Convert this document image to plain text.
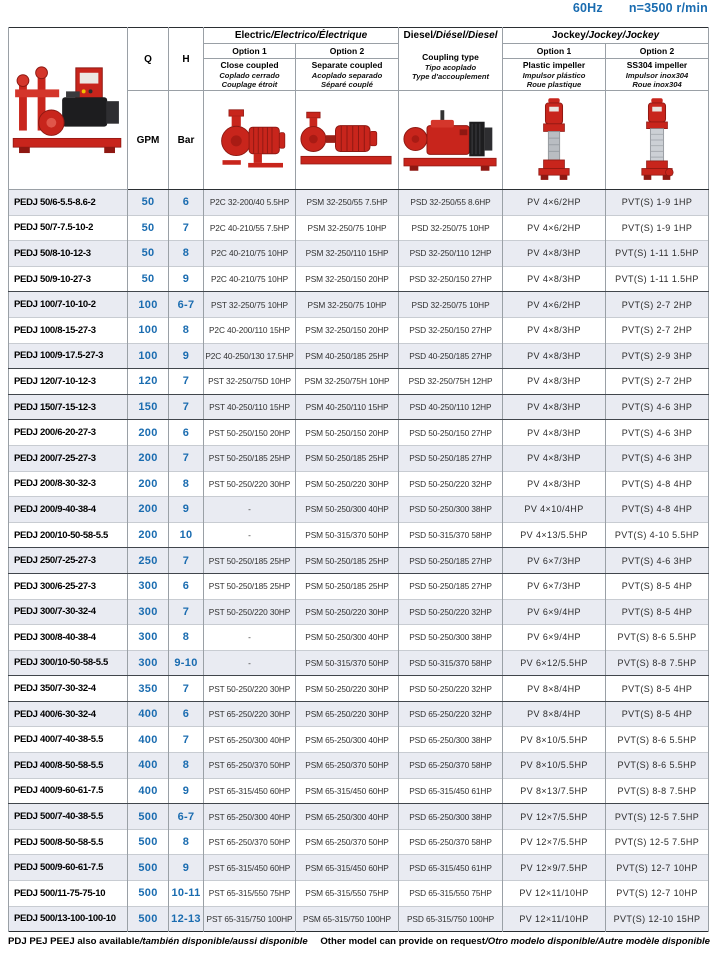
60Hz n=3500 r/min
	Q	H	Electric/Electrico/Électrique		Diesel/Diésel/Diesel	Jockey/Jockey/Jockey	
			Option 1	Option 2	Coupling type
Tipo acoplado
Type d'accouplement	Option 1	Option 2

			Close coupled
Coplado cerrado
Couplage étroit	Separate coupled
Acoplado separado
Séparé couplé		Plastic impeller
Impulsor plástico
Roue plastique	SS304 impeller
Impulsor inox304
Roue inox304

	GPM	Bar	

PEDJ 50/6-5.5-8.6-2	50	6	P2C 32-200/40 5.5HP	PSM 32-250/55 7.5HP	PSD 32-250/55 8.6HP	PV 4×6/2HP	PVT(S) 1-9 1HP
PEDJ 50/7-7.5-10-2	50	7	P2C 40-210/55 7.5HP	PSM 32-250/75 10HP	PSD 32-250/75 10HP	PV 4×6/2HP	PVT(S) 1-9 1HP
PEDJ 50/8-10-12-3	50	8	P2C 40-210/75 10HP	PSM 32-250/110 15HP	PSD 32-250/110 12HP	PV 4×8/3HP	PVT(S) 1-11 1.5HP
PEDJ 50/9-10-27-3	50	9	P2C 40-210/75 10HP	PSM 32-250/150 20HP	PSD 32-250/150 27HP	PV 4×8/3HP	PVT(S) 1-11 1.5HP
PEDJ 100/7-10-10-2	100	6-7	PST 32-250/75 10HP	PSM 32-250/75 10HP	PSD 32-250/75 10HP	PV 4×6/2HP	PVT(S) 2-7 2HP
PEDJ 100/8-15-27-3	100	8	P2C 40-200/110 15HP	PSM 32-250/150 20HP	PSD 32-250/150 27HP	PV 4×8/3HP	PVT(S) 2-7 2HP
PEDJ 100/9-17.5-27-3	100	9	P2C 40-250/130 17.5HP	PSM 40-250/185 25HP	PSD 40-250/185 27HP	PV 4×8/3HP	PVT(S) 2-9 3HP
PEDJ 120/7-10-12-3	120	7	PST 32-250/75D 10HP	PSM 32-250/75H 10HP	PSD 32-250/75H 12HP	PV 4×8/3HP	PVT(S) 2-7 2HP
PEDJ 150/7-15-12-3	150	7	PST 40-250/110 15HP	PSM 40-250/110 15HP	PSD 40-250/110 12HP	PV 4×8/3HP	PVT(S) 4-6 3HP
PEDJ 200/6-20-27-3	200	6	PST 50-250/150 20HP	PSM 50-250/150 20HP	PSD 50-250/150 27HP	PV 4×8/3HP	PVT(S) 4-6 3HP
PEDJ 200/7-25-27-3	200	7	PST 50-250/185 25HP	PSM 50-250/185 25HP	PSD 50-250/185 27HP	PV 4×8/3HP	PVT(S) 4-6 3HP
PEDJ 200/8-30-32-3	200	8	PST 50-250/220 30HP	PSM 50-250/220 30HP	PSD 50-250/220 32HP	PV 4×8/3HP	PVT(S) 4-8 4HP
PEDJ 200/9-40-38-4	200	9	-	PSM 50-250/300 40HP	PSD 50-250/300 38HP	PV 4×10/4HP	PVT(S) 4-8 4HP
PEDJ 200/10-50-58-5.5	200	10	-	PSM 50-315/370 50HP	PSD 50-315/370 58HP	PV 4×13/5.5HP	PVT(S) 4-10 5.5HP
PEDJ 250/7-25-27-3	250	7	PST 50-250/185 25HP	PSM 50-250/185 25HP	PSD 50-250/185 27HP	PV 6×7/3HP	PVT(S) 4-6 3HP
PEDJ 300/6-25-27-3	300	6	PST 50-250/185 25HP	PSM 50-250/185 25HP	PSD 50-250/185 27HP	PV 6×7/3HP	PVT(S) 8-5 4HP
PEDJ 300/7-30-32-4	300	7	PST 50-250/220 30HP	PSM 50-250/220 30HP	PSD 50-250/220 32HP	PV 6×9/4HP	PVT(S) 8-5 4HP
PEDJ 300/8-40-38-4	300	8	-	PSM 50-250/300 40HP	PSD 50-250/300 38HP	PV 6×9/4HP	PVT(S) 8-6 5.5HP
PEDJ 300/10-50-58-5.5	300	9-10	-	PSM 50-315/370 50HP	PSD 50-315/370 58HP	PV 6×12/5.5HP	PVT(S) 8-8 7.5HP
PEDJ 350/7-30-32-4	350	7	PST 50-250/220 30HP	PSM 50-250/220 30HP	PSD 50-250/220 32HP	PV 8×8/4HP	PVT(S) 8-5 4HP
PEDJ 400/6-30-32-4	400	6	PST 65-250/220 30HP	PSM 65-250/220 30HP	PSD 65-250/220 32HP	PV 8×8/4HP	PVT(S) 8-5 4HP
PEDJ 400/7-40-38-5.5	400	7	PST 65-250/300 40HP	PSM 65-250/300 40HP	PSD 65-250/300 38HP	PV 8×10/5.5HP	PVT(S) 8-6 5.5HP
PEDJ 400/8-50-58-5.5	400	8	PST 65-250/370 50HP	PSM 65-250/370 50HP	PSD 65-250/370 58HP	PV 8×10/5.5HP	PVT(S) 8-6 5.5HP
PEDJ 400/9-60-61-7.5	400	9	PST 65-315/450 60HP	PSM 65-315/450 60HP	PSD 65-315/450 61HP	PV 8×13/7.5HP	PVT(S) 8-8 7.5HP
PEDJ 500/7-40-38-5.5	500	6-7	PST 65-250/300 40HP	PSM 65-250/300 40HP	PSD 65-250/300 38HP	PV 12×7/5.5HP	PVT(S) 12-5 7.5HP
PEDJ 500/8-50-58-5.5	500	8	PST 65-250/370 50HP	PSM 65-250/370 50HP	PSD 65-250/370 58HP	PV 12×7/5.5HP	PVT(S) 12-5 7.5HP
PEDJ 500/9-60-61-7.5	500	9	PST 65-315/450 60HP	PSM 65-315/450 60HP	PSD 65-315/450 61HP	PV 12×9/7.5HP	PVT(S) 12-7 10HP
PEDJ 500/11-75-75-10	500	10-11	PST 65-315/550 75HP	PSM 65-315/550 75HP	PSD 65-315/550 75HP	PV 12×11/10HP	PVT(S) 12-7 10HP
PEDJ 500/13-100-100-10	500	12-13	PST 65-315/750 100HP	PSM 65-315/750 100HP	PSD 65-315/750 100HP	PV 12×11/10HP	PVT(S) 12-10 15HP
PDJ PEJ PEEJ also available/también disponible/aussi disponible Other model can provide on request/Otro modelo disponible/Autre modèle disponible
